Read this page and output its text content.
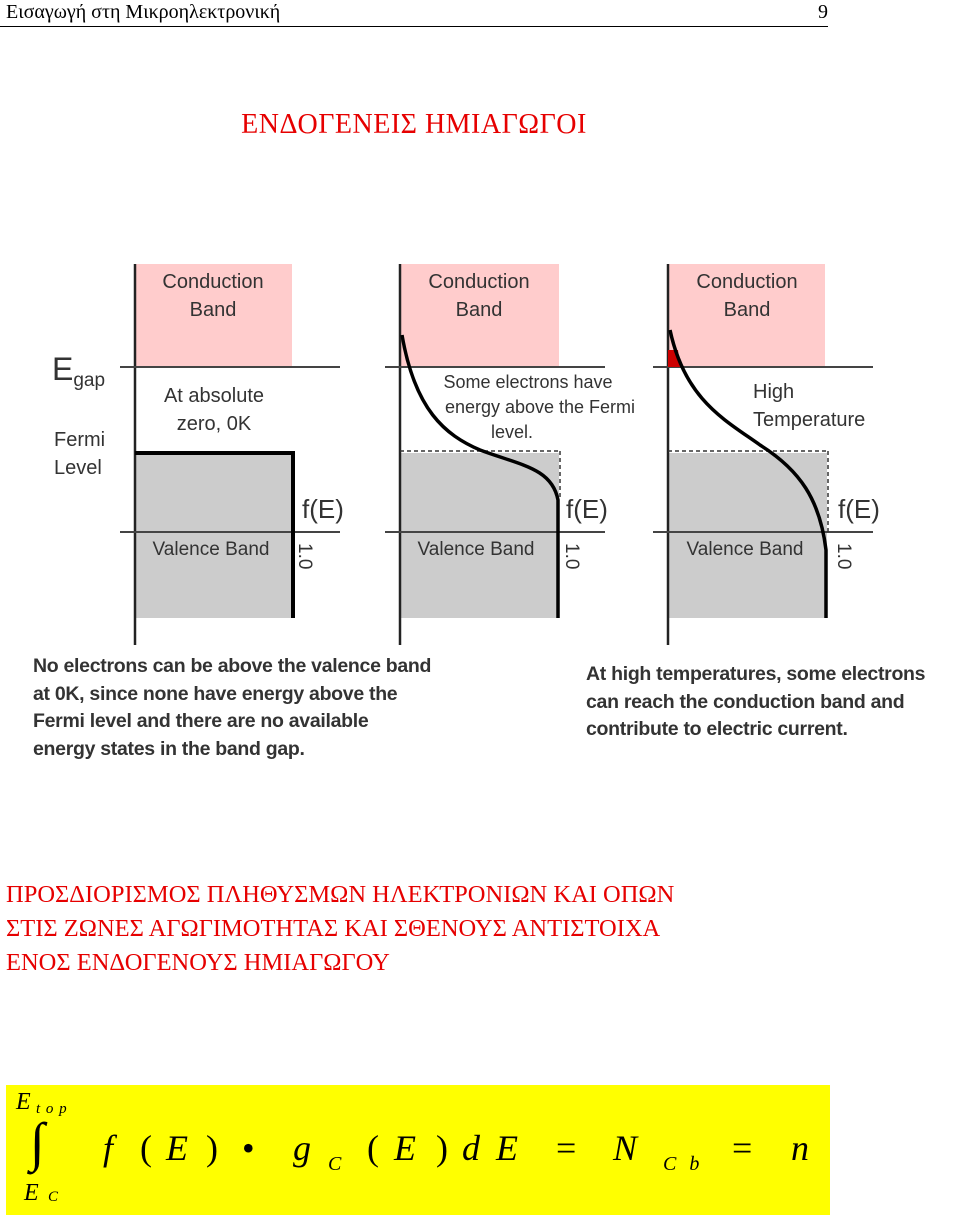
Εισαγωγή στη Μικροηλεκτρονική	9
ΕΝΔΟΓΕΝΕΙΣ ΗΜΙΑΓΩΓΟΙ
Conduction
Band
At absolute
zero, 0K
Valence Band
f(E)
1.0
Egap
Fermi
Level
Conduction
Band
Some electrons have
energy above the Fermi
level.
Valence Band
f(E)
1.0
Conduction
Band
High
Temperature
Valence Band
f(E)
1.0
No electrons can be above the valence band at 0K, since none have energy above the Fermi level and there are no available energy states in the band gap.
At high temperatures, some electrons can reach the conduction band and contribute to electric current.
ΠΡΟΣΔΙΟΡΙΣΜΟΣ ΠΛΗΘΥΣΜΩΝ ΗΛΕΚΤΡΟΝΙΩΝ ΚΑΙ ΟΠΩΝ
ΣΤΙΣ ΖΩΝΕΣ ΑΓΩΓΙΜΟΤΗΤΑΣ ΚΑΙ ΣΘΕΝΟΥΣ ΑΝΤΙΣΤΟΙΧΑ
ΕΝΟΣ ΕΝΔΟΓΕΝΟΥΣ ΗΜΙΑΓΩΓΟΥ
E t o p
∫
E C
f ( E ) • g C ( E ) d E = N C b = n
